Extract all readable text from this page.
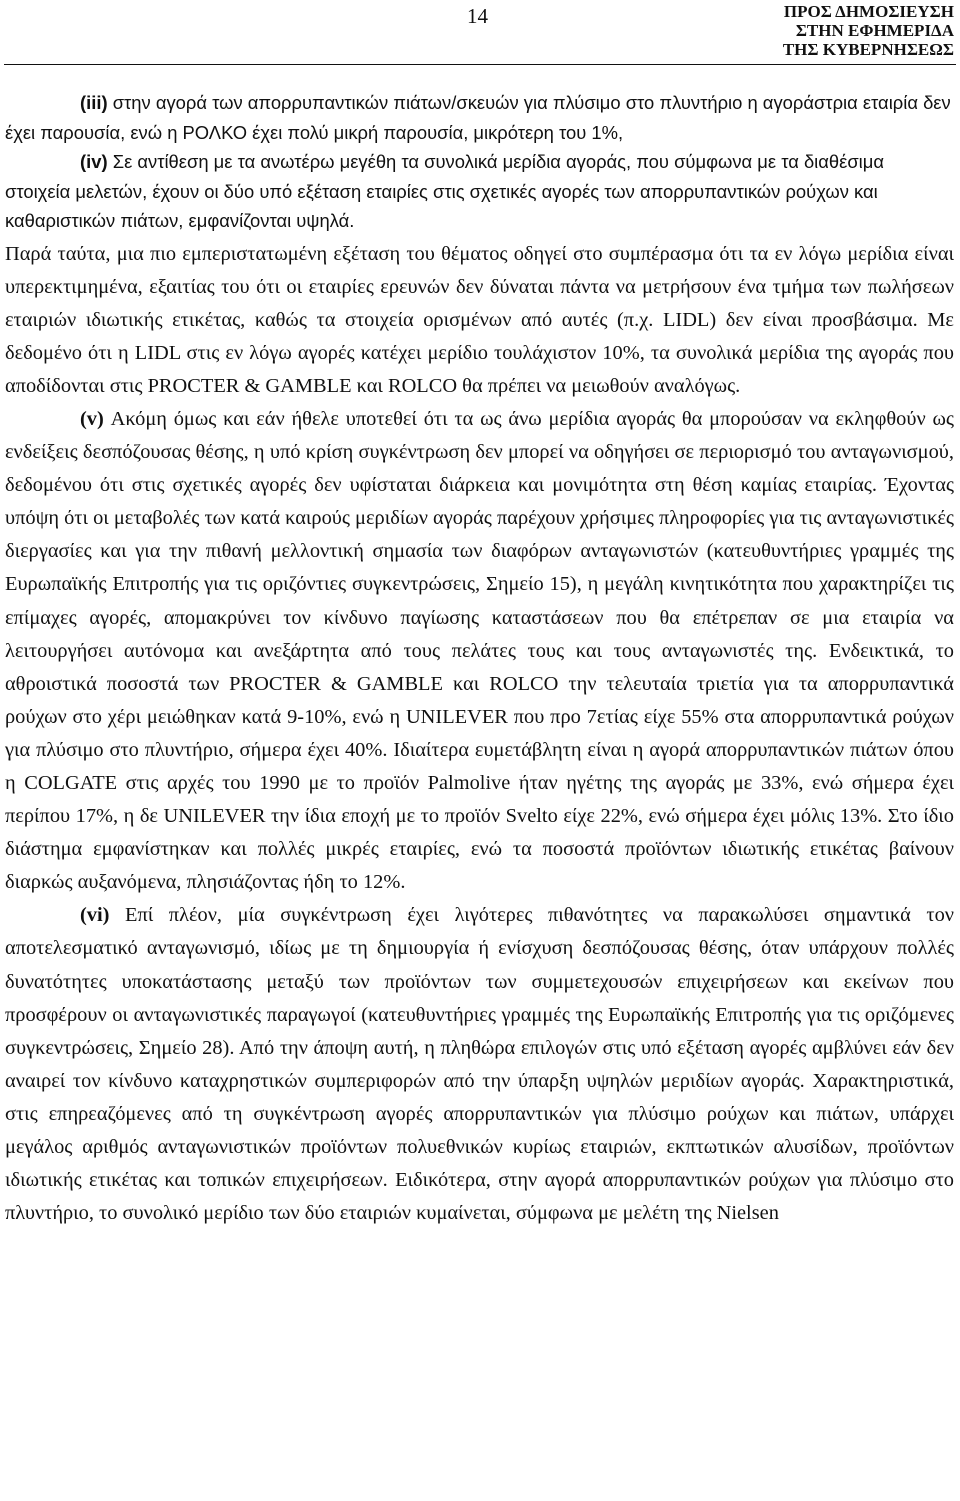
14	ΠΡΟΣ ΔΗΜΟΣΙΕΥΣΗ
ΣΤΗΝ ΕΦΗΜΕΡΙΔΑ
ΤΗΣ ΚΥΒΕΡΝΗΣΕΩΣ

(iii) στην αγορά των απορρυπαντικών πιάτων/σκευών για πλύσιμο στο πλυντήριο η αγοράστρια εταιρία δεν έχει παρουσία, ενώ η ΡΟΛΚΟ έχει πολύ μικρή παρουσία, μικρότερη του 1%,

(iv) Σε αντίθεση με τα ανωτέρω μεγέθη τα συνολικά μερίδια αγοράς, που σύμφωνα με τα διαθέσιμα στοιχεία μελετών, έχουν οι δύο υπό εξέταση εταιρίες στις σχετικές αγορές των απορρυπαντικών ρούχων και καθαριστικών πιάτων, εμφανίζονται υψηλά.

Παρά ταύτα, μια πιο εμπεριστατωμένη εξέταση του θέματος οδηγεί στο συμπέρασμα ότι τα εν λόγω μερίδια είναι υπερεκτιμημένα, εξαιτίας του ότι οι εταιρίες ερευνών δεν δύναται πάντα να μετρήσουν ένα τμήμα των πωλήσεων εταιριών ιδιωτικής ετικέτας, καθώς τα στοιχεία ορισμένων από αυτές (π.χ. LIDL) δεν είναι προσβάσιμα. Με δεδομένο ότι η LIDL στις εν λόγω αγορές κατέχει μερίδιο τουλάχιστον 10%, τα συνολικά μερίδια της αγοράς που αποδίδονται στις PROCTER & GAMBLE και ROLCO θα πρέπει να μειωθούν αναλόγως.

(v) Ακόμη όμως και εάν ήθελε υποτεθεί ότι τα ως άνω μερίδια αγοράς θα μπορούσαν να εκληφθούν ως ενδείξεις δεσπόζουσας θέσης, η υπό κρίση συγκέντρωση δεν μπορεί να οδηγήσει σε περιορισμό του ανταγωνισμού, δεδομένου ότι στις σχετικές αγορές δεν υφίσταται διάρκεια και μονιμότητα στη θέση καμίας εταιρίας. Έχοντας υπόψη ότι οι μεταβολές των κατά καιρούς μεριδίων αγοράς παρέχουν χρήσιμες πληροφορίες για τις ανταγωνιστικές διεργασίες και για την πιθανή μελλοντική σημασία των διαφόρων ανταγωνιστών (κατευθυντήριες γραμμές της Ευρωπαϊκής Επιτροπής για τις οριζόντιες συγκεντρώσεις, Σημείο 15), η μεγάλη κινητικότητα που χαρακτηρίζει τις επίμαχες αγορές, απομακρύνει τον κίνδυνο παγίωσης καταστάσεων που θα επέτρεπαν σε μια εταιρία να λειτουργήσει αυτόνομα και ανεξάρτητα από τους πελάτες τους και τους ανταγωνιστές της. Ενδεικτικά, το αθροιστικά ποσοστά των PROCTER & GAMBLE και ROLCO την τελευταία τριετία για τα απορρυπαντικά ρούχων στο χέρι μειώθηκαν κατά 9-10%, ενώ η UNILEVER που προ 7ετίας είχε 55% στα απορρυπαντικά ρούχων για πλύσιμο στο πλυντήριο, σήμερα έχει 40%. Ιδιαίτερα ευμετάβλητη είναι η αγορά απορρυπαντικών πιάτων όπου η COLGATE στις αρχές του 1990 με το προϊόν Palmolive ήταν ηγέτης της αγοράς με 33%, ενώ σήμερα έχει περίπου 17%, η δε UNILEVER την ίδια εποχή με το προϊόν Svelto είχε 22%, ενώ σήμερα έχει μόλις 13%. Στο ίδιο διάστημα εμφανίστηκαν και πολλές μικρές εταιρίες, ενώ τα ποσοστά προϊόντων ιδιωτικής ετικέτας βαίνουν διαρκώς αυξανόμενα, πλησιάζοντας ήδη το 12%.

(vi) Επί πλέον, μία συγκέντρωση έχει λιγότερες πιθανότητες να παρακωλύσει σημαντικά τον αποτελεσματικό ανταγωνισμό, ιδίως με τη δημιουργία ή ενίσχυση δεσπόζουσας θέσης, όταν υπάρχουν πολλές δυνατότητες υποκατάστασης μεταξύ των προϊόντων των συμμετεχουσών επιχειρήσεων και εκείνων που προσφέρουν οι ανταγωνιστικές παραγωγοί (κατευθυντήριες γραμμές της Ευρωπαϊκής Επιτροπής για τις οριζόμενες συγκεντρώσεις, Σημείο 28). Από την άποψη αυτή, η πληθώρα επιλογών στις υπό εξέταση αγορές αμβλύνει εάν δεν αναιρεί τον κίνδυνο καταχρηστικών συμπεριφορών από την ύπαρξη υψηλών μεριδίων αγοράς. Χαρακτηριστικά, στις επηρεαζόμενες από τη συγκέντρωση αγορές απορρυπαντικών για πλύσιμο ρούχων και πιάτων, υπάρχει μεγάλος αριθμός ανταγωνιστικών προϊόντων πολυεθνικών κυρίως εταιριών, εκπτωτικών αλυσίδων, προϊόντων ιδιωτικής ετικέτας και τοπικών επιχειρήσεων. Ειδικότερα, στην αγορά απορρυπαντικών ρούχων για πλύσιμο στο πλυντήριο, το συνολικό μερίδιο των δύο εταιριών κυμαίνεται, σύμφωνα με μελέτη της Nielsen
